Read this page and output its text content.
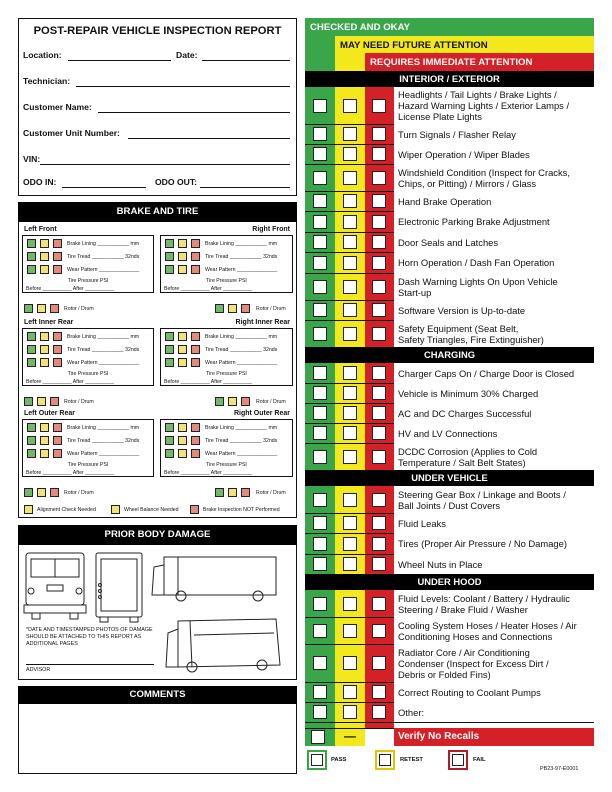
POST-REPAIR VEHICLE INSPECTION REPORT
Location:	Date:
Technician:
Customer Name:
Customer Unit Number:
VIN:
ODO IN:	ODO OUT:
BRAKE AND TIRE
Left Front	Right Front
Brake Lining ___________ mm
Tire Tread ___________ 32nds
Wear Pattern ______________
Tire Pressure PSI
Before __________ After __________
Brake Lining ___________ mm
Tire Tread ___________ 32nds
Wear Pattern ______________
Tire Pressure PSI
Before __________ After __________
Rotor / Drum	Rotor / Drum
Left Inner Rear	Right Inner Rear
Brake Lining ___________ mm
Tire Tread ___________ 32nds
Wear Pattern ______________
Tire Pressure PSI
Before __________ After __________
Brake Lining ___________ mm
Tire Tread ___________ 32nds
Wear Pattern ______________
Tire Pressure PSI
Before __________ After __________
Rotor / Drum	Rotor / Drum
Left Outer Rear	Right Outer Rear
Brake Lining ___________ mm
Tire Tread ___________ 32nds
Wear Pattern ______________
Tire Pressure PSI
Before __________ After __________
Brake Lining ___________ mm
Tire Tread ___________ 32nds
Wear Pattern ______________
Tire Pressure PSI
Before __________ After __________
Rotor / Drum	Rotor / Drum
Alignment Check Needed	Wheel Balance Needed	Brake Inspection NOT Performed
PRIOR BODY DAMAGE
*DATE AND TIMESTAMPED PHOTOS OF DAMAGE SHOULD BE ATTACHED TO THIS REPORT AS ADDITIONAL PAGES
ADVISOR
COMMENTS
CHECKED AND OKAY
MAY NEED FUTURE ATTENTION
REQUIRES IMMEDIATE ATTENTION
INTERIOR / EXTERIOR
Headlights / Tail Lights / Brake Lights /
Hazard Warning Lights / Exterior Lamps /
License Plate Lights
Turn Signals / Flasher Relay
Wiper Operation / Wiper Blades
Windshield Condition (Inspect for Cracks,
Chips, or Pitting) / Mirrors / Glass
Hand Brake Operation
Electronic Parking Brake Adjustment
Door Seals and Latches
Horn Operation / Dash Fan Operation
Dash Warning Lights On Upon Vehicle
Start-up
Software Version is Up-to-date
Safety Equipment (Seat Belt,
Safety Triangles, Fire Extinguisher)
CHARGING
Charger Caps On / Charge Door is Closed
Vehicle is Minimum 30% Charged
AC and DC Charges Successful
HV and LV Connections
DCDC Corrosion (Applies to Cold
Temperature / Salt Belt States)
UNDER VEHICLE
Steering Gear Box / Linkage and Boots /
Ball Joints / Dust Covers
Fluid Leaks
Tires (Proper Air Pressure / No Damage)
Wheel Nuts in Place
UNDER HOOD
Fluid Levels: Coolant / Battery / Hydraulic
Steering / Brake Fluid / Washer
Cooling System Hoses / Heater Hoses / Air
Conditioning Hoses and Connections
Radiator Core / Air Conditioning
Condenser (Inspect for Excess Dirt /
Debris or Folded Fins)
Correct Routing to Coolant Pumps
Other:
—	Verify No Recalls
PASS	RETEST	FAIL
PB23-97-E0001
